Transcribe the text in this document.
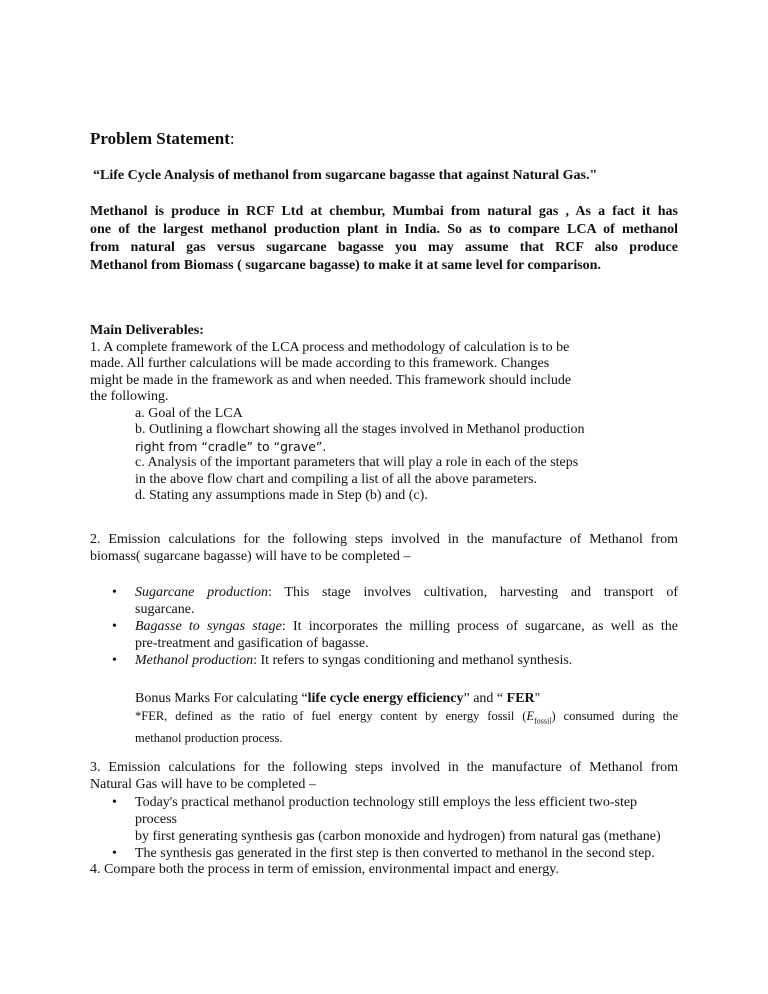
Problem Statement:
“Life Cycle Analysis of methanol from sugarcane bagasse that against Natural Gas."
Methanol is produce in RCF Ltd at chembur, Mumbai from natural gas , As a fact it has
one of the largest methanol production plant in India. So as to compare LCA of methanol
from natural gas versus sugarcane bagasse you may assume that RCF also produce
Methanol from Biomass ( sugarcane bagasse) to make it at same level for comparison.
Main Deliverables:
1. A complete framework of the LCA process and methodology of calculation is to be
made. All further calculations will be made according to this framework. Changes
might be made in the framework as and when needed. This framework should include
the following.
a. Goal of the LCA
b. Outlining a flowchart showing all the stages involved in Methanol production
right from “cradle” to “grave”.
c. Analysis of the important parameters that will play a role in each of the steps
in the above flow chart and compiling a list of all the above parameters.
d. Stating any assumptions made in Step (b) and (c).
2. Emission calculations for the following steps involved in the manufacture of Methanol from
biomass( sugarcane bagasse) will have to be completed –
• Sugarcane production: This stage involves cultivation, harvesting and transport of
sugarcane.
• Bagasse to syngas stage: It incorporates the milling process of sugarcane, as well as the
pre-treatment and gasification of bagasse.
• Methanol production: It refers to syngas conditioning and methanol synthesis.
Bonus Marks For calculating “life cycle energy efficiency” and “ FER"
*FER, defined as the ratio of fuel energy content by energy fossil $(E_{fossil})$ consumed during the
methanol production process.
3. Emission calculations for the following steps involved in the manufacture of Methanol from
Natural Gas will have to be completed –
• Today's practical methanol production technology still employs the less efficient two-step process
by first generating synthesis gas (carbon monoxide and hydrogen) from natural gas (methane)
• The synthesis gas generated in the first step is then converted to methanol in the second step.
4. Compare both the process in term of emission, environmental impact and energy.
